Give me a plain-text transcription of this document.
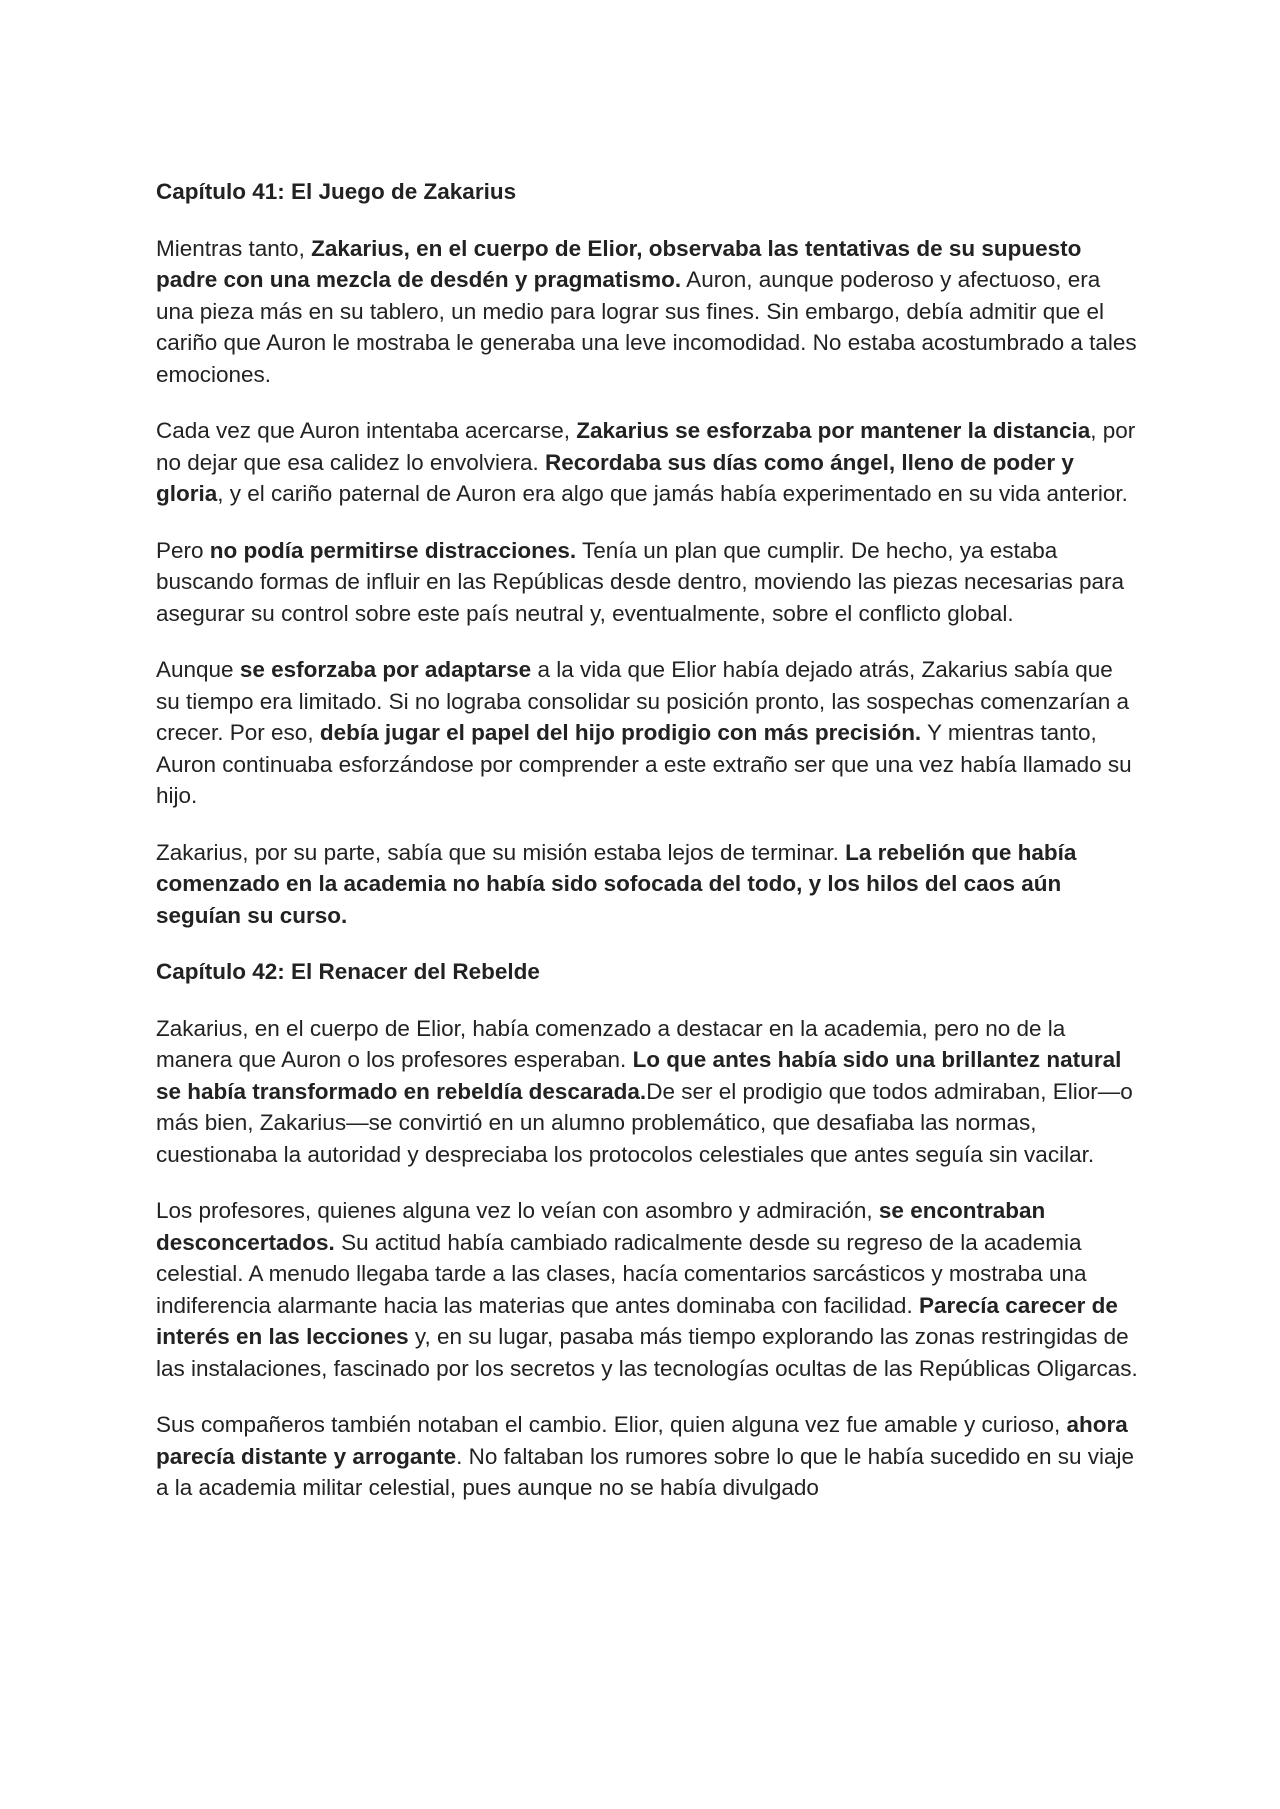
Capítulo 41: El Juego de Zakarius

Mientras tanto, Zakarius, en el cuerpo de Elior, observaba las tentativas de su supuesto padre con una mezcla de desdén y pragmatismo. Auron, aunque poderoso y afectuoso, era una pieza más en su tablero, un medio para lograr sus fines. Sin embargo, debía admitir que el cariño que Auron le mostraba le generaba una leve incomodidad. No estaba acostumbrado a tales emociones.

Cada vez que Auron intentaba acercarse, Zakarius se esforzaba por mantener la distancia, por no dejar que esa calidez lo envolviera. Recordaba sus días como ángel, lleno de poder y gloria, y el cariño paternal de Auron era algo que jamás había experimentado en su vida anterior.

Pero no podía permitirse distracciones. Tenía un plan que cumplir. De hecho, ya estaba buscando formas de influir en las Repúblicas desde dentro, moviendo las piezas necesarias para asegurar su control sobre este país neutral y, eventualmente, sobre el conflicto global.

Aunque se esforzaba por adaptarse a la vida que Elior había dejado atrás, Zakarius sabía que su tiempo era limitado. Si no lograba consolidar su posición pronto, las sospechas comenzarían a crecer. Por eso, debía jugar el papel del hijo prodigio con más precisión. Y mientras tanto, Auron continuaba esforzándose por comprender a este extraño ser que una vez había llamado su hijo.

Zakarius, por su parte, sabía que su misión estaba lejos de terminar. La rebelión que había comenzado en la academia no había sido sofocada del todo, y los hilos del caos aún seguían su curso.

Capítulo 42: El Renacer del Rebelde

Zakarius, en el cuerpo de Elior, había comenzado a destacar en la academia, pero no de la manera que Auron o los profesores esperaban. Lo que antes había sido una brillantez natural se había transformado en rebeldía descarada.De ser el prodigio que todos admiraban, Elior—o más bien, Zakarius—se convirtió en un alumno problemático, que desafiaba las normas, cuestionaba la autoridad y despreciaba los protocolos celestiales que antes seguía sin vacilar.

Los profesores, quienes alguna vez lo veían con asombro y admiración, se encontraban desconcertados. Su actitud había cambiado radicalmente desde su regreso de la academia celestial. A menudo llegaba tarde a las clases, hacía comentarios sarcásticos y mostraba una indiferencia alarmante hacia las materias que antes dominaba con facilidad. Parecía carecer de interés en las lecciones y, en su lugar, pasaba más tiempo explorando las zonas restringidas de las instalaciones, fascinado por los secretos y las tecnologías ocultas de las Repúblicas Oligarcas.

Sus compañeros también notaban el cambio. Elior, quien alguna vez fue amable y curioso, ahora parecía distante y arrogante. No faltaban los rumores sobre lo que le había sucedido en su viaje a la academia militar celestial, pues aunque no se había divulgado
